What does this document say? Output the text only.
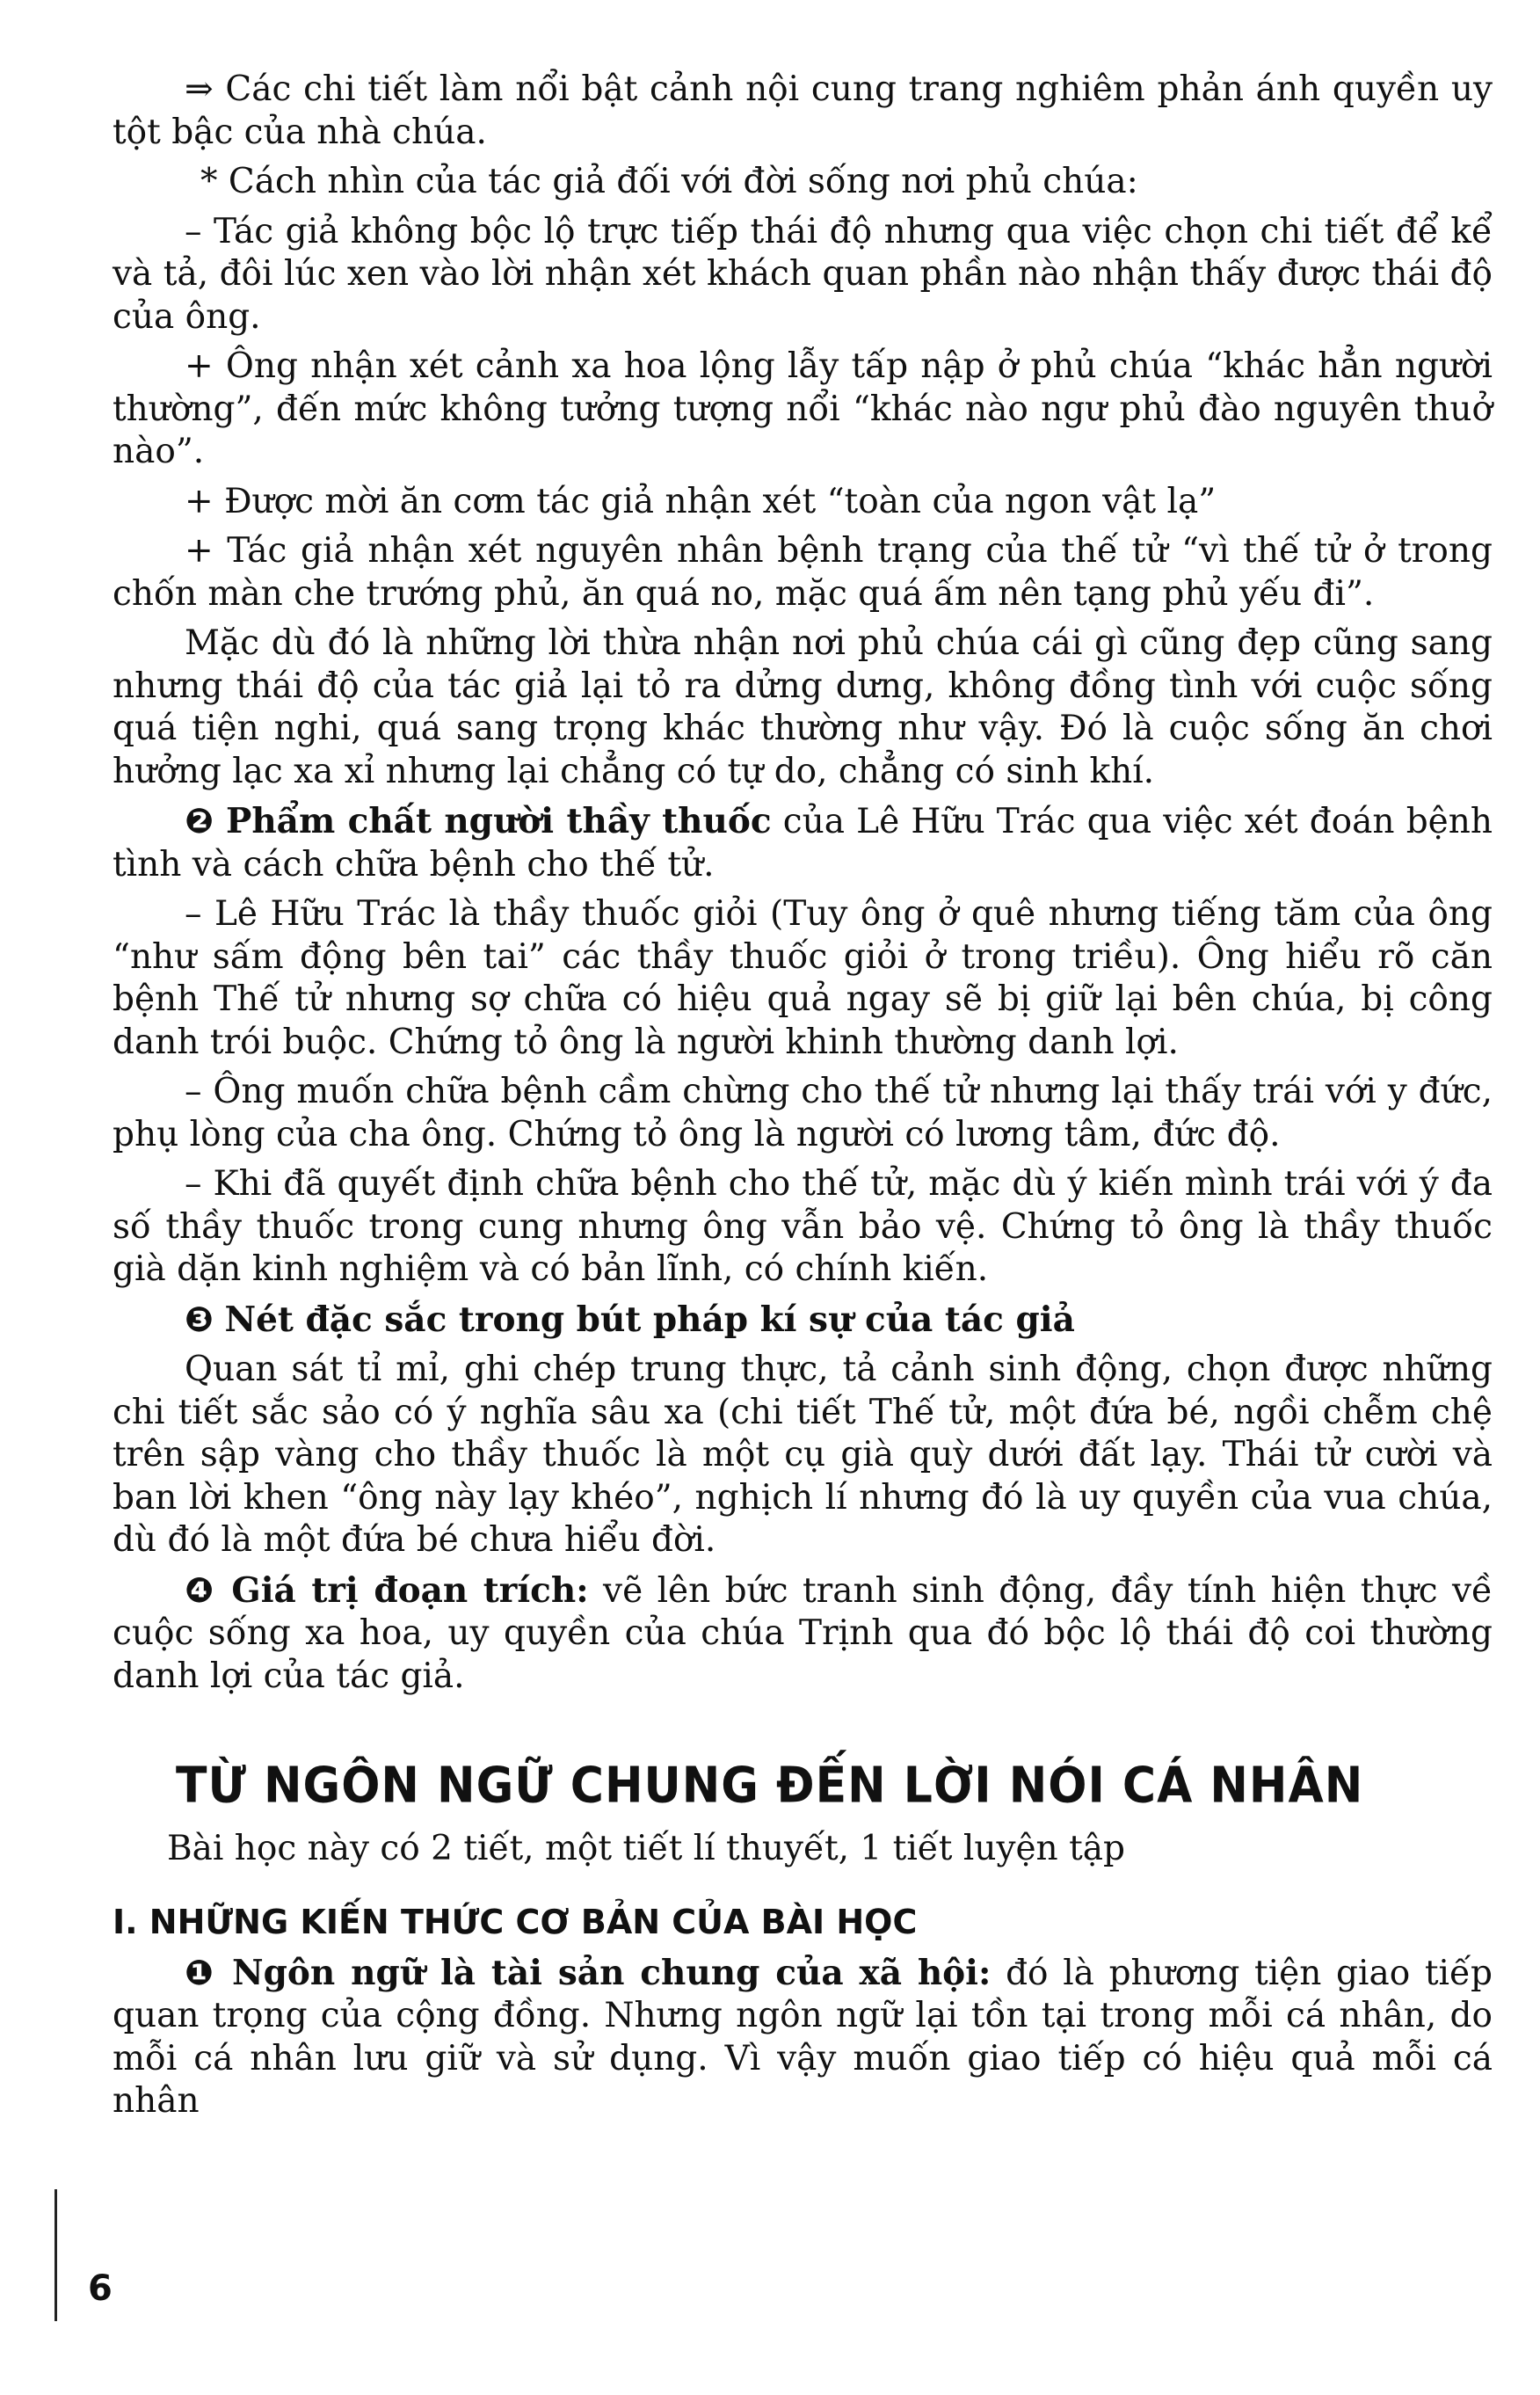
⇒ Các chi tiết làm nổi bật cảnh nội cung trang nghiêm phản ánh quyền uy tột bậc của nhà chúa.

* Cách nhìn của tác giả đối với đời sống nơi phủ chúa:

– Tác giả không bộc lộ trực tiếp thái độ nhưng qua việc chọn chi tiết để kể và tả, đôi lúc xen vào lời nhận xét khách quan phần nào nhận thấy được thái độ của ông.

+ Ông nhận xét cảnh xa hoa lộng lẫy tấp nập ở phủ chúa “khác hẳn người thường”, đến mức không tưởng tượng nổi “khác nào ngư phủ đào nguyên thuở nào”.

+ Được mời ăn cơm tác giả nhận xét “toàn của ngon vật lạ”

+ Tác giả nhận xét nguyên nhân bệnh trạng của thế tử “vì thế tử ở trong chốn màn che trướng phủ, ăn quá no, mặc quá ấm nên tạng phủ yếu đi”.

Mặc dù đó là những lời thừa nhận nơi phủ chúa cái gì cũng đẹp cũng sang nhưng thái độ của tác giả lại tỏ ra dửng dưng, không đồng tình với cuộc sống quá tiện nghi, quá sang trọng khác thường như vậy. Đó là cuộc sống ăn chơi hưởng lạc xa xỉ nhưng lại chẳng có tự do, chẳng có sinh khí.

❷ Phẩm chất người thầy thuốc của Lê Hữu Trác qua việc xét đoán bệnh tình và cách chữa bệnh cho thế tử.

– Lê Hữu Trác là thầy thuốc giỏi (Tuy ông ở quê nhưng tiếng tăm của ông “như sấm động bên tai” các thầy thuốc giỏi ở trong triều). Ông hiểu rõ căn bệnh Thế tử nhưng sợ chữa có hiệu quả ngay sẽ bị giữ lại bên chúa, bị công danh trói buộc. Chứng tỏ ông là người khinh thường danh lợi.

– Ông muốn chữa bệnh cầm chừng cho thế tử nhưng lại thấy trái với y đức, phụ lòng của cha ông. Chứng tỏ ông là người có lương tâm, đức độ.

– Khi đã quyết định chữa bệnh cho thế tử, mặc dù ý kiến mình trái với ý đa số thầy thuốc trong cung nhưng ông vẫn bảo vệ. Chứng tỏ ông là thầy thuốc già dặn kinh nghiệm và có bản lĩnh, có chính kiến.

❸ Nét đặc sắc trong bút pháp kí sự của tác giả

Quan sát tỉ mỉ, ghi chép trung thực, tả cảnh sinh động, chọn được những chi tiết sắc sảo có ý nghĩa sâu xa (chi tiết Thế tử, một đứa bé, ngồi chễm chệ trên sập vàng cho thầy thuốc là một cụ già quỳ dưới đất lạy. Thái tử cười và ban lời khen “ông này lạy khéo”, nghịch lí nhưng đó là uy quyền của vua chúa, dù đó là một đứa bé chưa hiểu đời.

❹ Giá trị đoạn trích: vẽ lên bức tranh sinh động, đầy tính hiện thực về cuộc sống xa hoa, uy quyền của chúa Trịnh qua đó bộc lộ thái độ coi thường danh lợi của tác giả.

TỪ NGÔN NGỮ CHUNG ĐẾN LỜI NÓI CÁ NHÂN

Bài học này có 2 tiết, một tiết lí thuyết, 1 tiết luyện tập

I. NHỮNG KIẾN THỨC CƠ BẢN CỦA BÀI HỌC

❶ Ngôn ngữ là tài sản chung của xã hội: đó là phương tiện giao tiếp quan trọng của cộng đồng. Nhưng ngôn ngữ lại tồn tại trong mỗi cá nhân, do mỗi cá nhân lưu giữ và sử dụng. Vì vậy muốn giao tiếp có hiệu quả mỗi cá nhân

6
